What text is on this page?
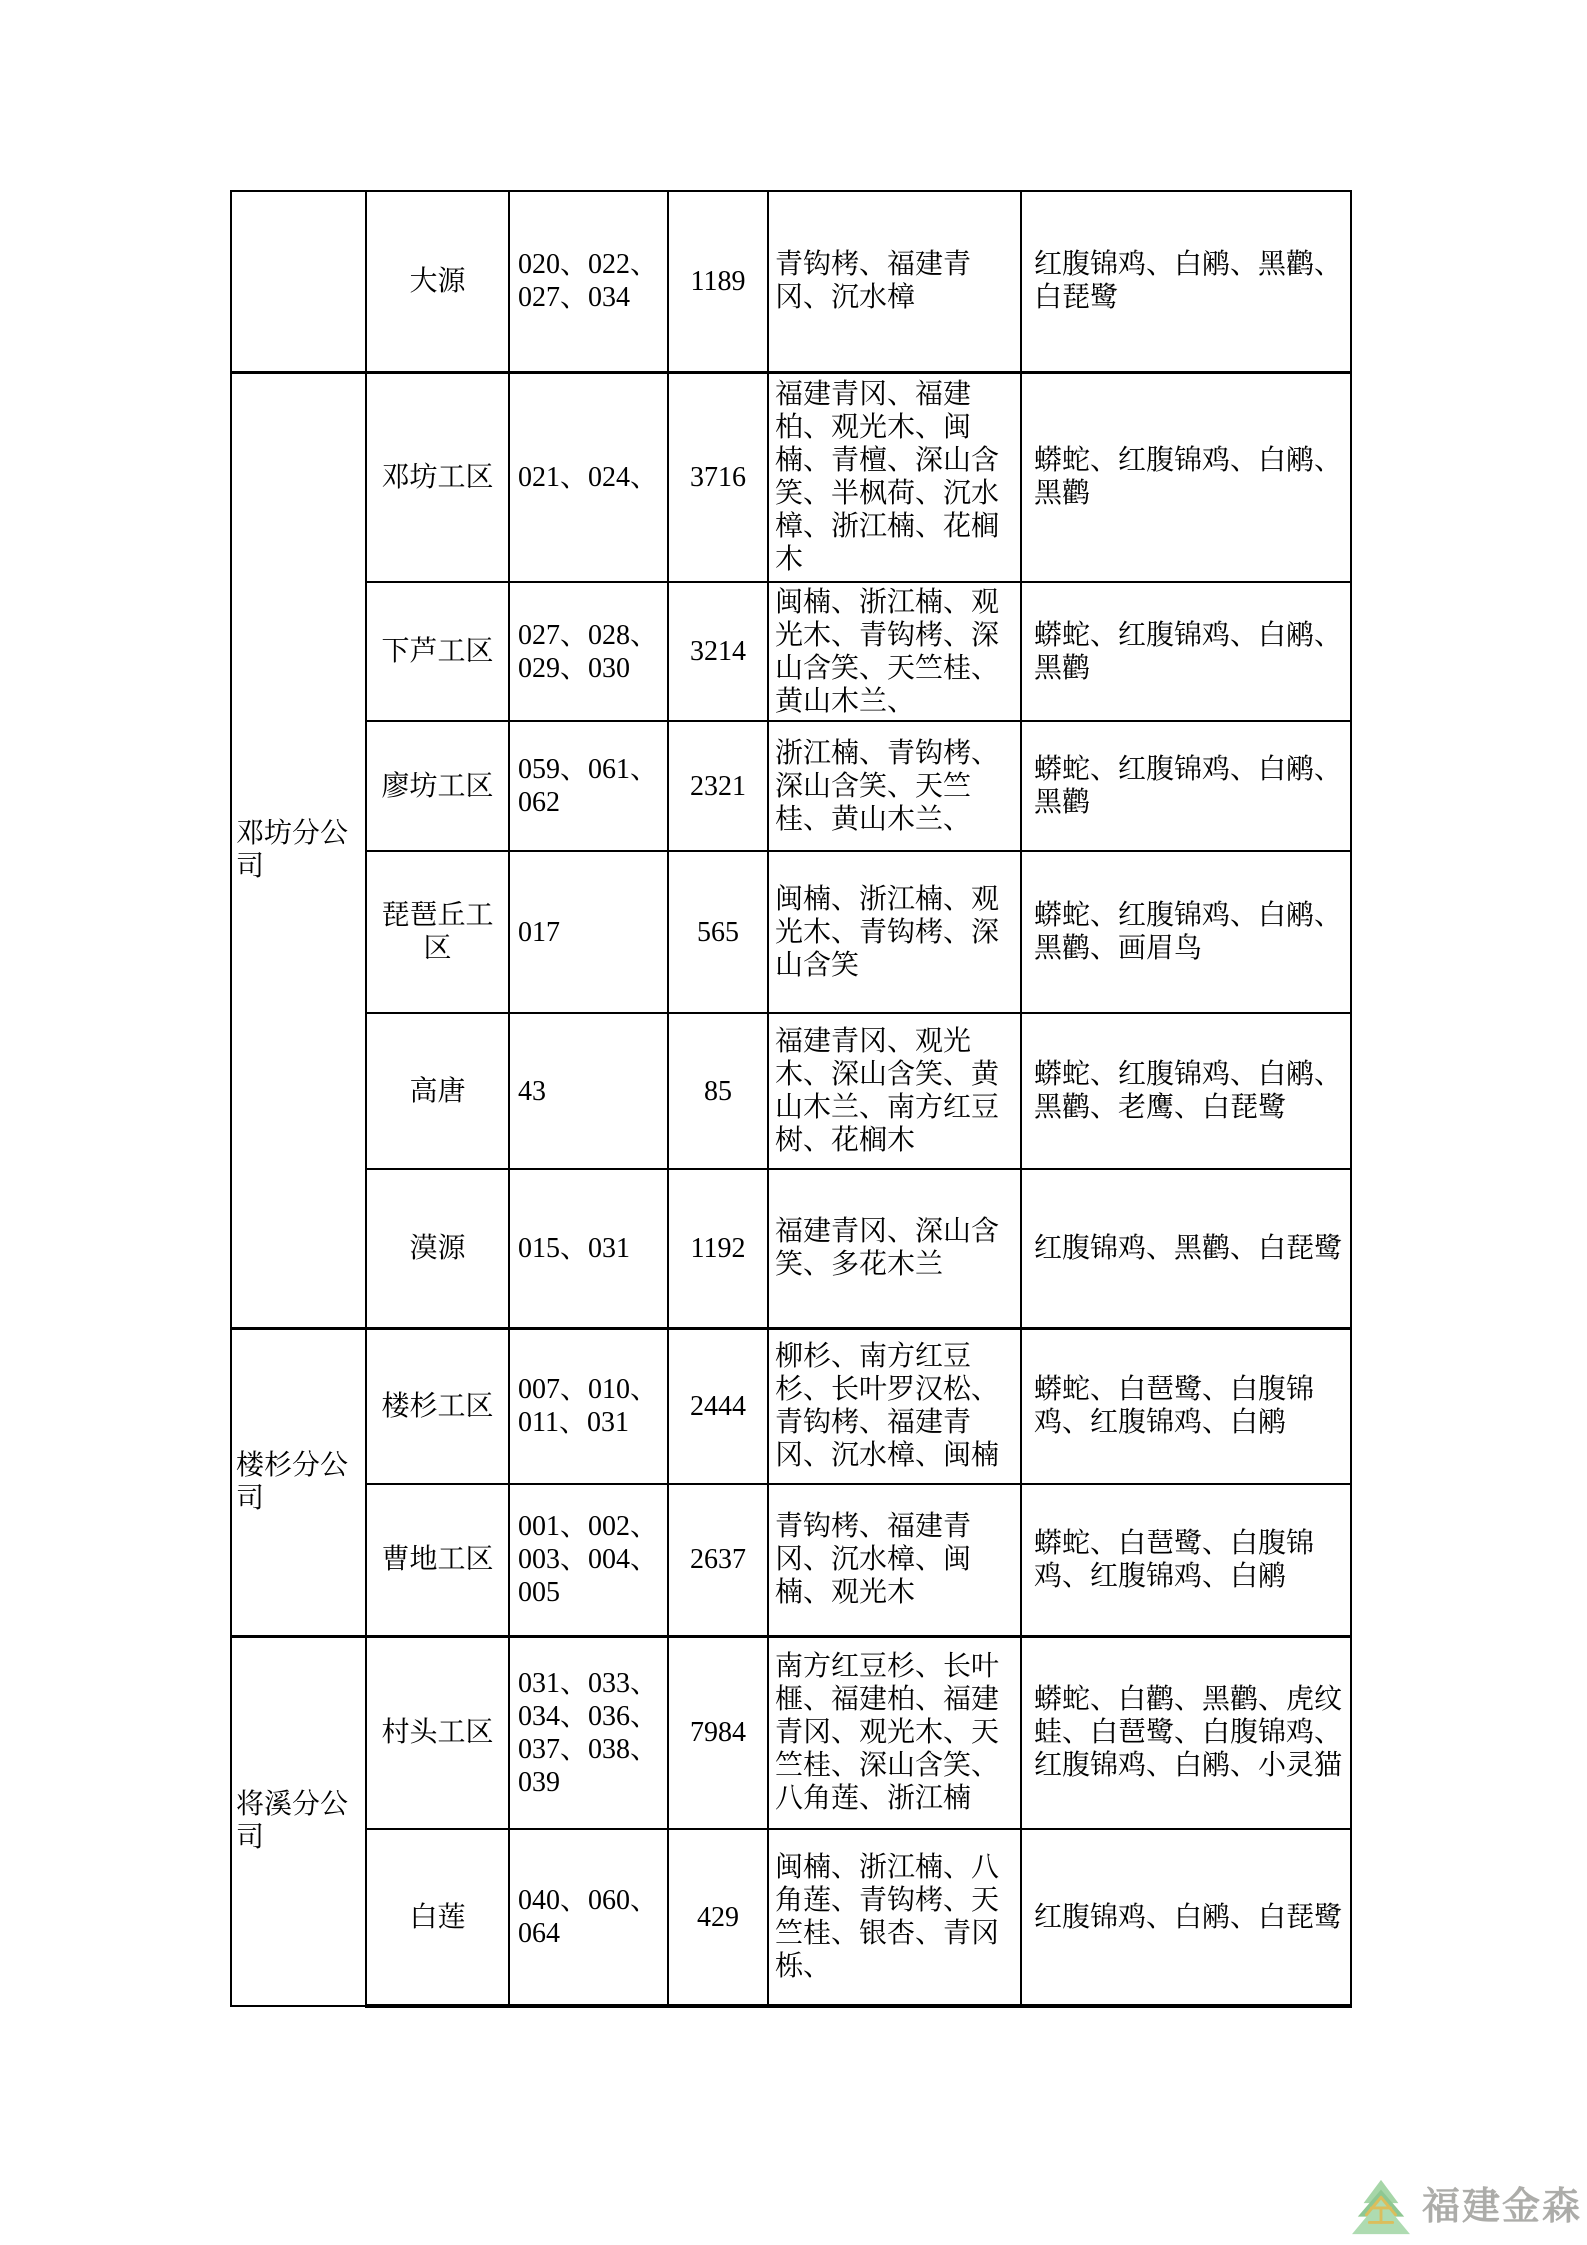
	大源	020、022、027、034	1189	青钩栲、福建青冈、沉水樟	红腹锦鸡、白鹇、黑鹳、白琵鹭
邓坊分公司	邓坊工区	021、024、	3716	福建青冈、福建柏、观光木、闽楠、青檀、深山含笑、半枫荷、沉水樟、浙江楠、花榈木	蟒蛇、红腹锦鸡、白鹇、黑鹳
	下芦工区	027、028、029、030	3214	闽楠、浙江楠、观光木、青钩栲、深山含笑、天竺桂、黄山木兰、	蟒蛇、红腹锦鸡、白鹇、黑鹳
	廖坊工区	059、061、062	2321	浙江楠、青钩栲、深山含笑、天竺桂、黄山木兰、	蟒蛇、红腹锦鸡、白鹇、黑鹳
	琵琶丘工区	017	565	闽楠、浙江楠、观光木、青钩栲、深山含笑	蟒蛇、红腹锦鸡、白鹇、黑鹳、画眉鸟
	高唐	43	85	福建青冈、观光木、深山含笑、黄山木兰、南方红豆树、花榈木	蟒蛇、红腹锦鸡、白鹇、黑鹳、老鹰、白琵鹭
	漠源	015、031	1192	福建青冈、深山含笑、多花木兰	红腹锦鸡、黑鹳、白琵鹭
楼杉分公司	楼杉工区	007、010、011、031	2444	柳杉、南方红豆杉、长叶罗汉松、青钩栲、福建青冈、沉水樟、闽楠	蟒蛇、白琶鹭、白腹锦鸡、红腹锦鸡、白鹇
	曹地工区	001、002、003、004、005	2637	青钩栲、福建青冈、沉水樟、闽楠、观光木	蟒蛇、白琶鹭、白腹锦鸡、红腹锦鸡、白鹇
将溪分公司	村头工区	031、033、034、036、037、038、039	7984	南方红豆杉、长叶榧、福建柏、福建青冈、观光木、天竺桂、深山含笑、八角莲、浙江楠	蟒蛇、白鹳、黑鹳、虎纹蛙、白琶鹭、白腹锦鸡、红腹锦鸡、白鹇、小灵猫
	白莲	040、060、064	429	闽楠、浙江楠、八角莲、青钩栲、天竺桂、银杏、青冈栎、	红腹锦鸡、白鹇、白琵鹭
福建金森
